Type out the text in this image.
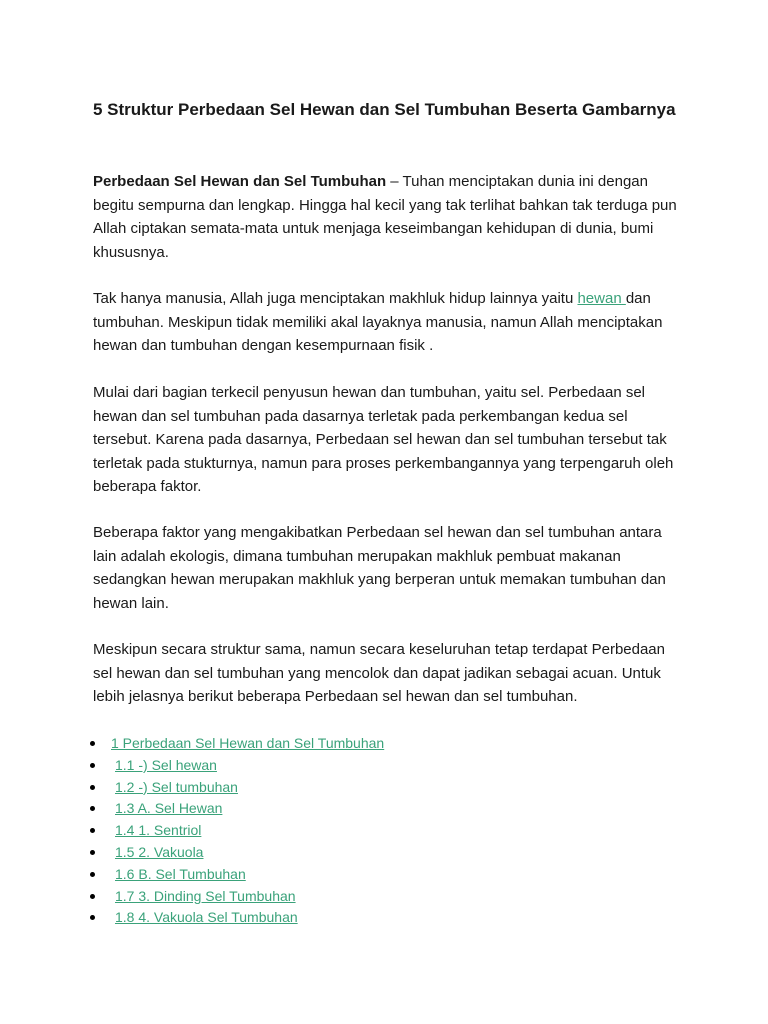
5 Struktur Perbedaan Sel Hewan dan Sel Tumbuhan Beserta Gambarnya

Perbedaan Sel Hewan dan Sel Tumbuhan – Tuhan menciptakan dunia ini dengan begitu sempurna dan lengkap. Hingga hal kecil yang tak terlihat bahkan tak terduga pun Allah ciptakan semata-mata untuk menjaga keseimbangan kehidupan di dunia, bumi khususnya.

Tak hanya manusia, Allah juga menciptakan makhluk hidup lainnya yaitu hewan dan tumbuhan. Meskipun tidak memiliki akal layaknya manusia, namun Allah menciptakan hewan dan tumbuhan dengan kesempurnaan fisik .

Mulai dari bagian terkecil penyusun hewan dan tumbuhan, yaitu sel. Perbedaan sel hewan dan sel tumbuhan pada dasarnya terletak pada perkembangan kedua sel tersebut. Karena pada dasarnya, Perbedaan sel hewan dan sel tumbuhan tersebut tak terletak pada stukturnya, namun para proses perkembangannya yang terpengaruh oleh beberapa faktor.

Beberapa faktor yang mengakibatkan Perbedaan sel hewan dan sel tumbuhan antara lain adalah ekologis, dimana tumbuhan merupakan makhluk pembuat makanan sedangkan hewan merupakan makhluk yang berperan untuk memakan tumbuhan dan hewan lain.

Meskipun secara struktur sama, namun secara keseluruhan tetap terdapat Perbedaan sel hewan dan sel tumbuhan yang mencolok dan dapat jadikan sebagai acuan. Untuk lebih jelasnya berikut beberapa Perbedaan sel hewan dan sel tumbuhan.

1 Perbedaan Sel Hewan dan Sel Tumbuhan
1.1 -) Sel hewan
1.2 -) Sel tumbuhan
1.3 A. Sel Hewan
1.4 1. Sentriol
1.5 2. Vakuola
1.6 B. Sel Tumbuhan
1.7 3. Dinding Sel Tumbuhan
1.8 4. Vakuola Sel Tumbuhan
